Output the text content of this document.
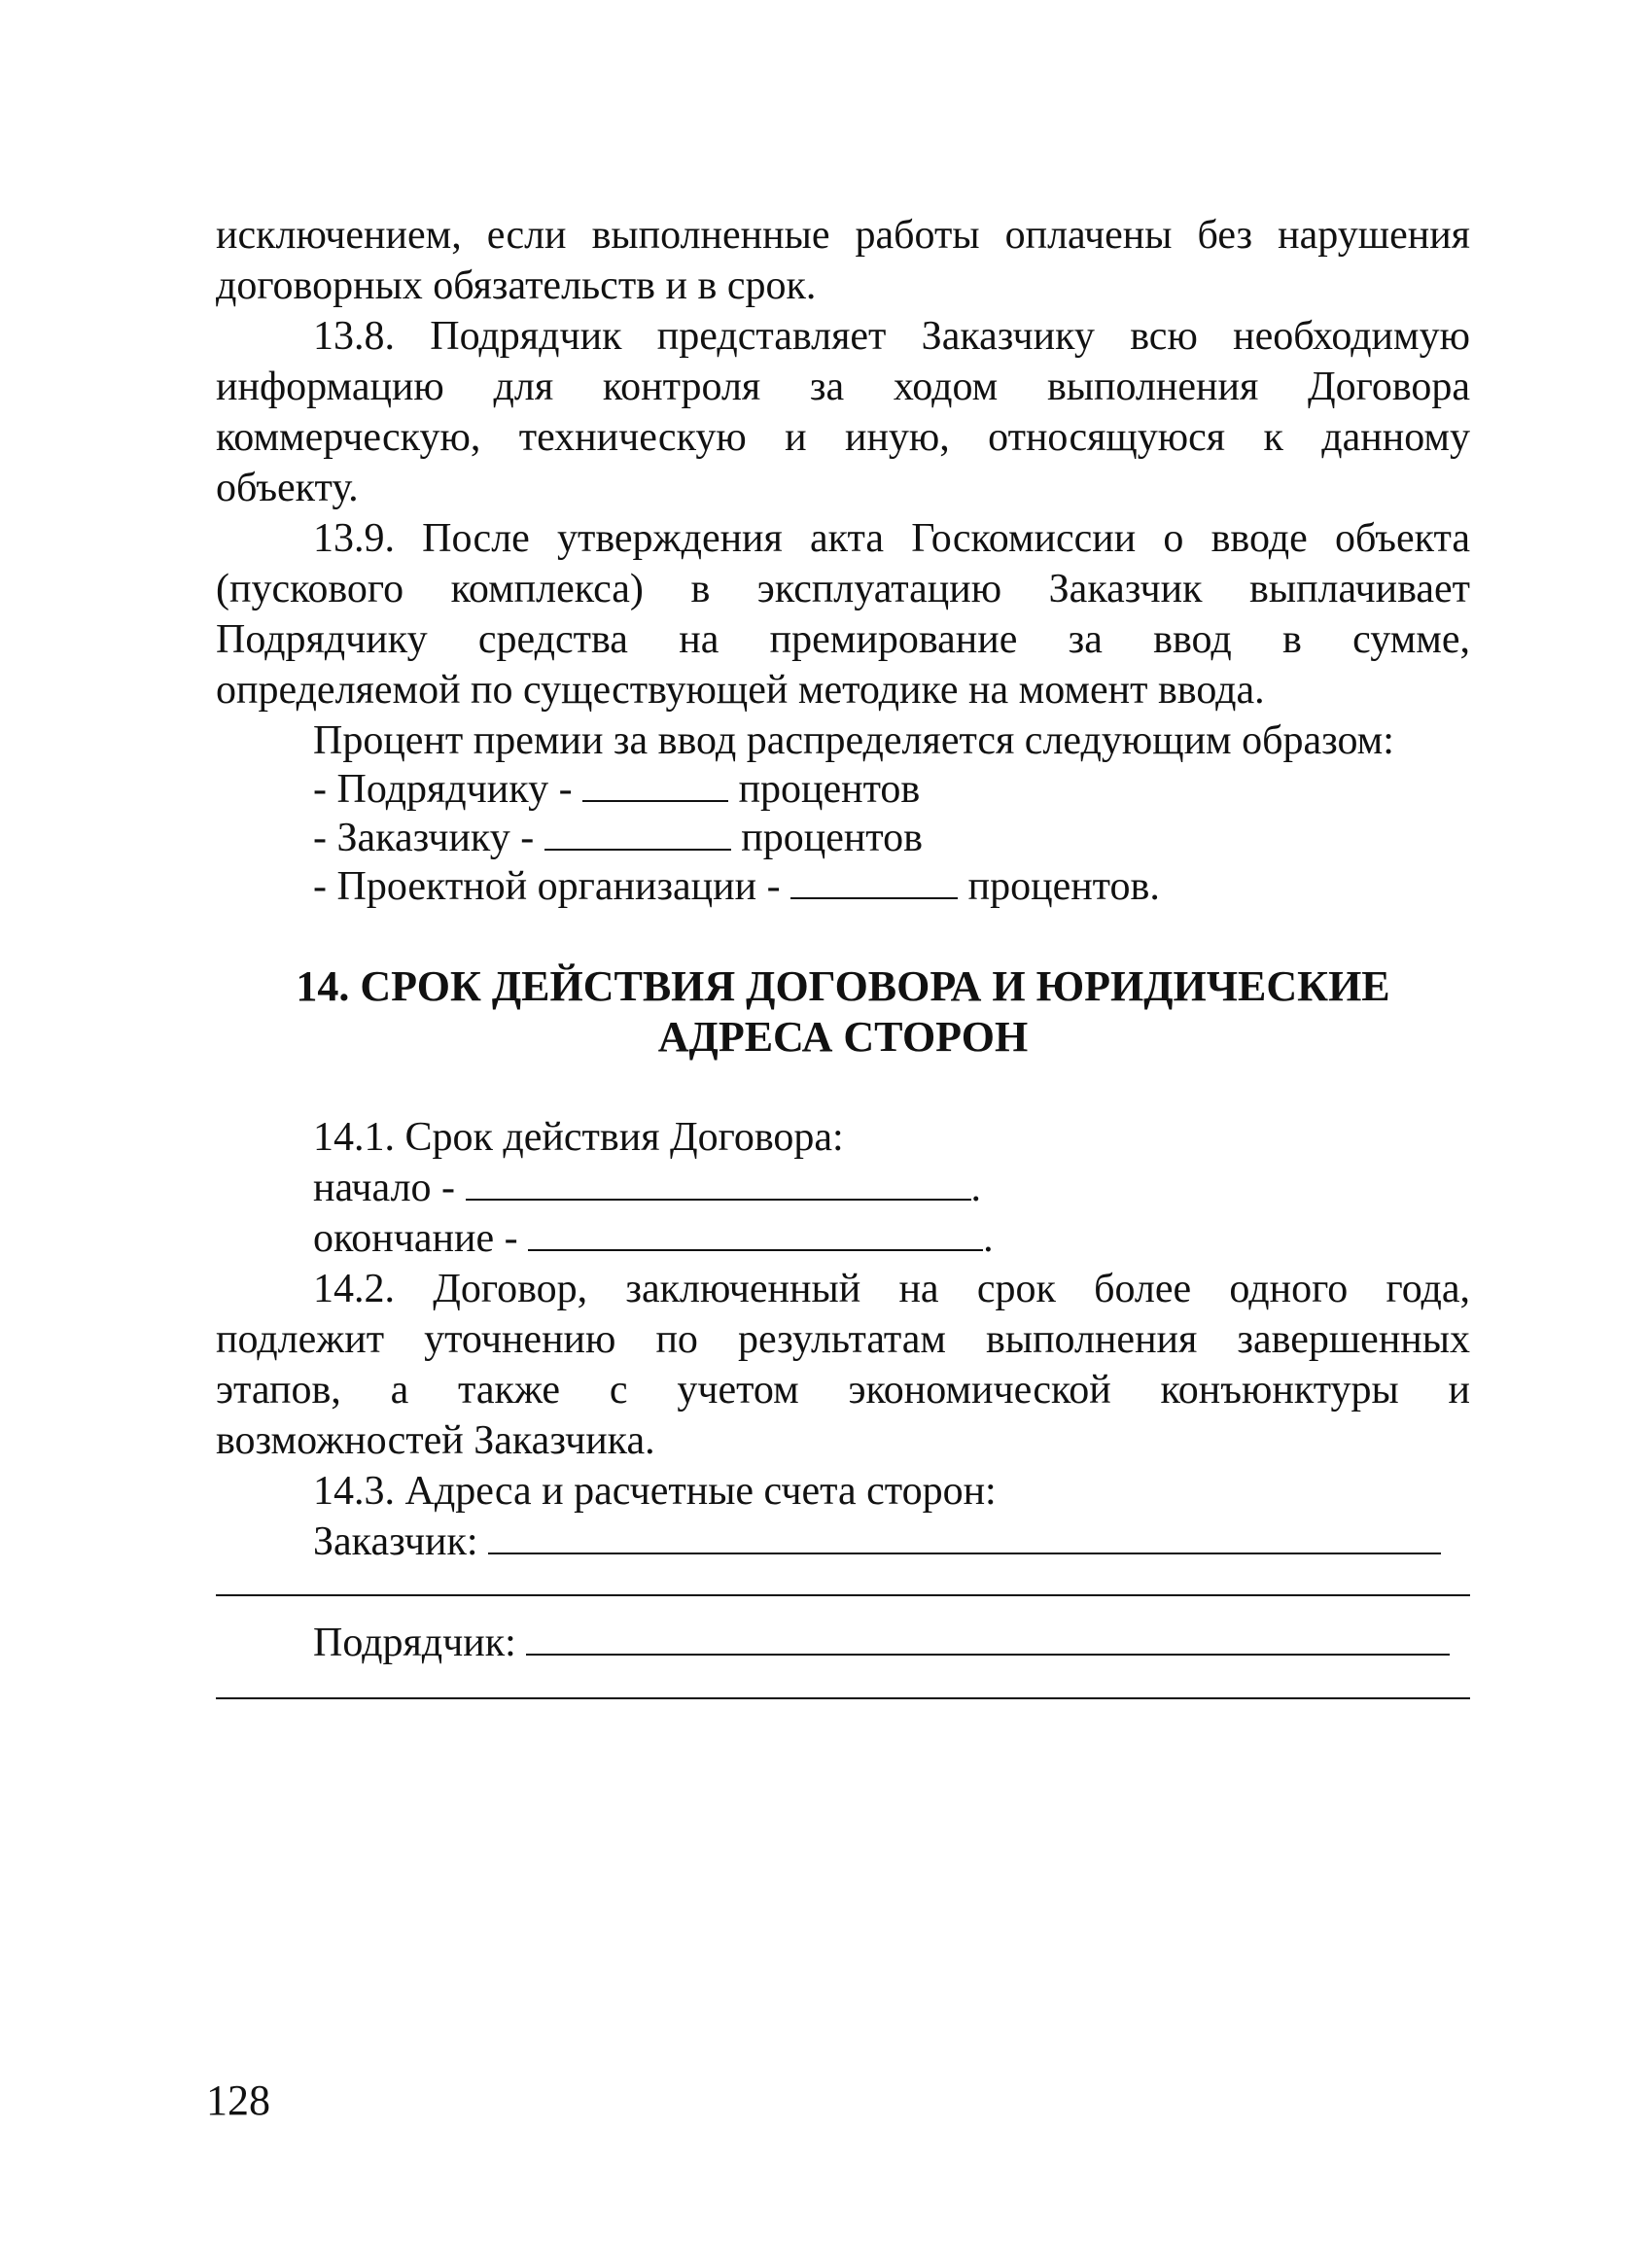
исключением, если выполненные работы оплачены без нарушения
договорных обязательств и в срок.
13.8. Подрядчик представляет Заказчику всю необходимую
информацию для контроля за ходом выполнения Договора
коммерческую, техническую и иную, относящуюся к данному
объекту.
13.9. После утверждения акта Госкомиссии о вводе объекта
(пускового комплекса) в эксплуатацию Заказчик выплачивает
Подрядчику средства на премирование за ввод в сумме,
определяемой по существующей методике на момент ввода.
Процент премии за ввод распределяется следующим образом:
- Подрядчику -	процентов
- Заказчику -	процентов
- Проектной организации -	процентов.
14. СРОК ДЕЙСТВИЯ ДОГОВОРА И ЮРИДИЧЕСКИЕ
АДРЕСА СТОРОН
14.1. Срок действия Договора:
начало -	.
окончание -	.
14.2. Договор, заключенный на срок более одного года,
подлежит уточнению по результатам выполнения завершенных
этапов, а также с учетом экономической конъюнктуры и
возможностей Заказчика.
14.3. Адреса и расчетные счета сторон:
Заказчик:
Подрядчик:
128
